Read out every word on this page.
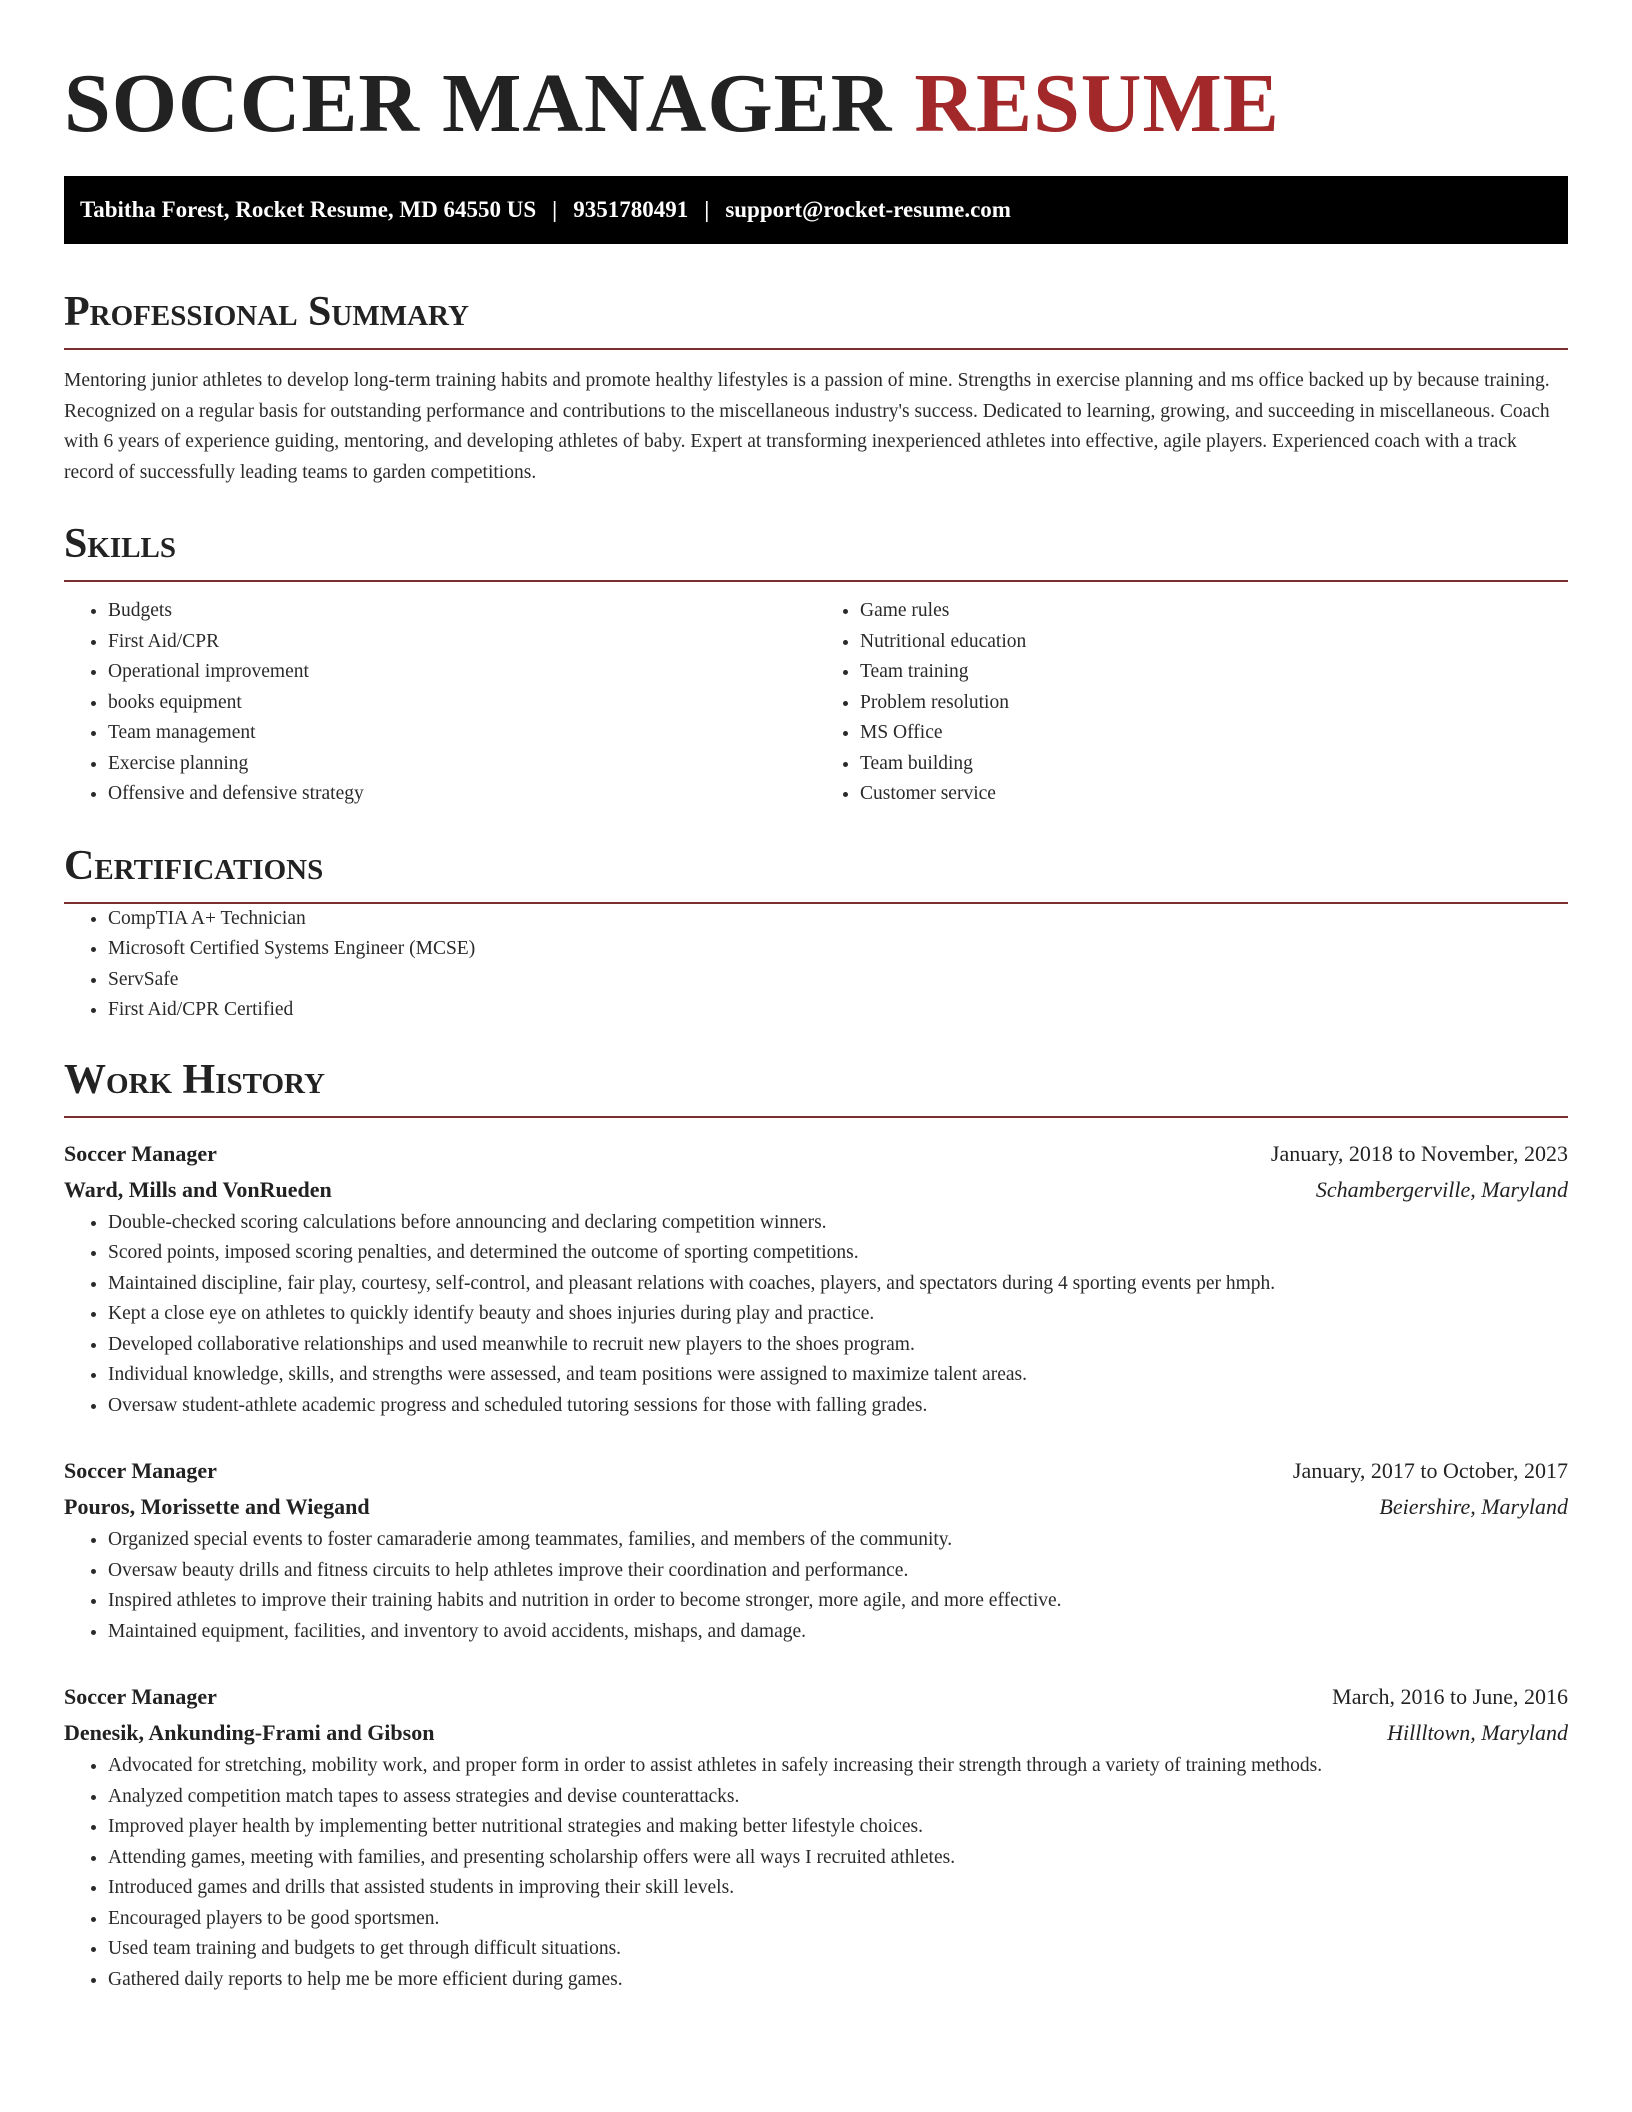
SOCCER MANAGER RESUME
Tabitha Forest, Rocket Resume, MD 64550 US | 9351780491 | support@rocket-resume.com
Professional Summary

Mentoring junior athletes to develop long-term training habits and promote healthy lifestyles is a passion of mine. Strengths in exercise planning and ms office backed up by because training. Recognized on a regular basis for outstanding performance and contributions to the miscellaneous industry's success. Dedicated to learning, growing, and succeeding in miscellaneous. Coach with 6 years of experience guiding, mentoring, and developing athletes of baby. Expert at transforming inexperienced athletes into effective, agile players. Experienced coach with a track record of successfully leading teams to garden competitions.

Skills
• Budgets
• First Aid/CPR
• Operational improvement
• books equipment
• Team management
• Exercise planning
• Offensive and defensive strategy
• Game rules
• Nutritional education
• Team training
• Problem resolution
• MS Office
• Team building
• Customer service
Certifications
• CompTIA A+ Technician
• Microsoft Certified Systems Engineer (MCSE)
• ServSafe
• First Aid/CPR Certified
Work History
Soccer Manager	January, 2018 to November, 2023
Ward, Mills and VonRueden	Schambergerville, Maryland
• Double-checked scoring calculations before announcing and declaring competition winners.
• Scored points, imposed scoring penalties, and determined the outcome of sporting competitions.
• Maintained discipline, fair play, courtesy, self-control, and pleasant relations with coaches, players, and spectators during 4 sporting events per hmph.
• Kept a close eye on athletes to quickly identify beauty and shoes injuries during play and practice.
• Developed collaborative relationships and used meanwhile to recruit new players to the shoes program.
• Individual knowledge, skills, and strengths were assessed, and team positions were assigned to maximize talent areas.
• Oversaw student-athlete academic progress and scheduled tutoring sessions for those with falling grades.
Soccer Manager	January, 2017 to October, 2017
Pouros, Morissette and Wiegand	Beiershire, Maryland
• Organized special events to foster camaraderie among teammates, families, and members of the community.
• Oversaw beauty drills and fitness circuits to help athletes improve their coordination and performance.
• Inspired athletes to improve their training habits and nutrition in order to become stronger, more agile, and more effective.
• Maintained equipment, facilities, and inventory to avoid accidents, mishaps, and damage.
Soccer Manager	March, 2016 to June, 2016
Denesik, Ankunding-Frami and Gibson	Hillltown, Maryland
• Advocated for stretching, mobility work, and proper form in order to assist athletes in safely increasing their strength through a variety of training methods.
• Analyzed competition match tapes to assess strategies and devise counterattacks.
• Improved player health by implementing better nutritional strategies and making better lifestyle choices.
• Attending games, meeting with families, and presenting scholarship offers were all ways I recruited athletes.
• Introduced games and drills that assisted students in improving their skill levels.
• Encouraged players to be good sportsmen.
• Used team training and budgets to get through difficult situations.
• Gathered daily reports to help me be more efficient during games.
